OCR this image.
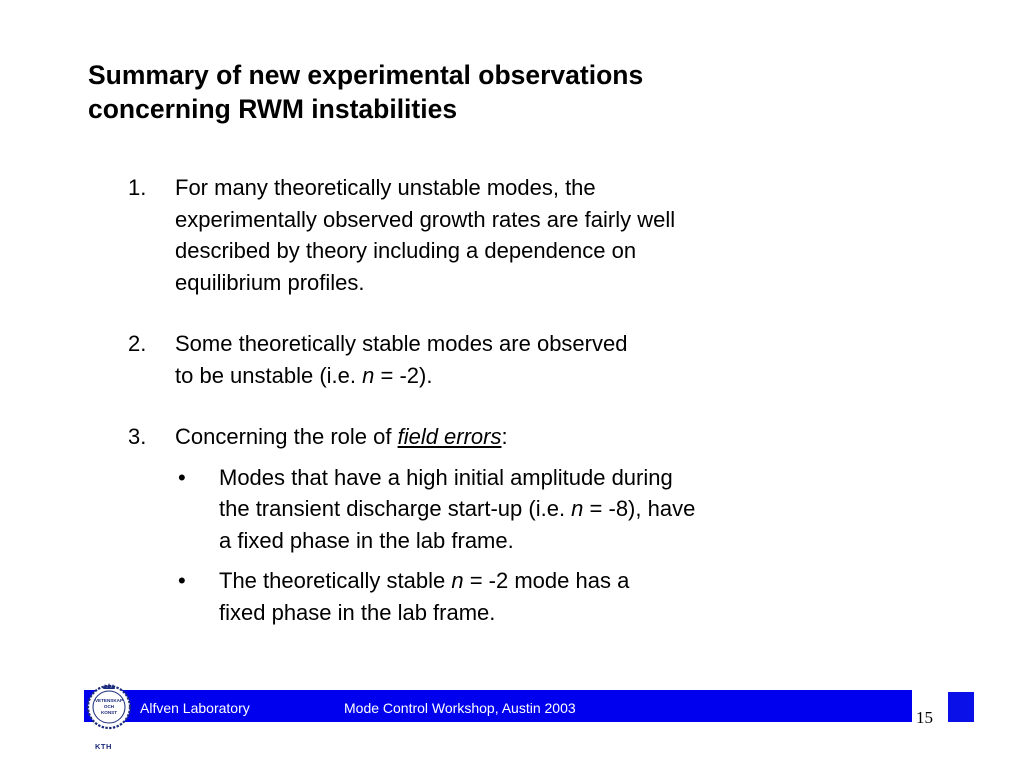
Summary of new experimental observations
concerning RWM instabilities
1. For many theoretically unstable modes, the
experimentally observed growth rates are fairly well
described by theory including a dependence on
equilibrium profiles.
2. Some theoretically stable modes are observed
to be unstable (i.e. n = -2).
3. Concerning the role of field errors:
• Modes that have a high initial amplitude during
the transient discharge start-up (i.e. n = -8), have
a fixed phase in the lab frame.
• The theoretically stable n = -2 mode has a
fixed phase in the lab frame.
Alfven Laboratory	Mode Control Workshop, Austin 2003	15
VETENSKAP
OCH
KONST
KTH
